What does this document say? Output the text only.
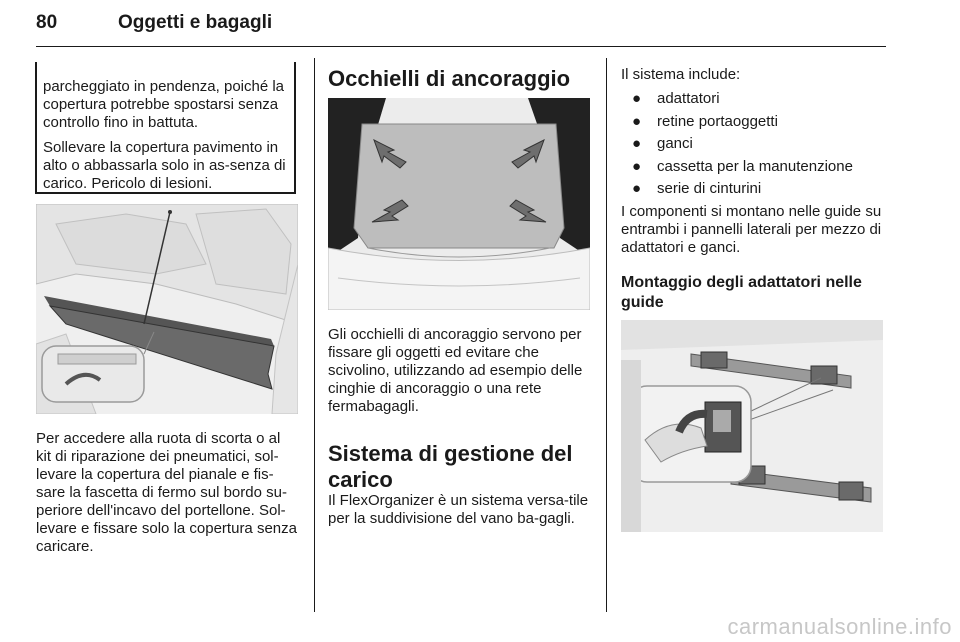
80	Oggetti e bagagli

parcheggiato in pendenza, poiché la copertura potrebbe spostarsi senza controllo fino in battuta.

Sollevare la copertura pavimento in alto o abbassarla solo in as-senza di carico. Pericolo di lesioni.

Per accedere alla ruota di scorta o al kit di riparazione dei pneumatici, sol-levare la copertura del pianale e fis-sare la fascetta di fermo sul bordo su-periore dell'incavo del portellone. Sol-levare e fissare solo la copertura senza caricare.

Occhielli di ancoraggio

Gli occhielli di ancoraggio servono per fissare gli oggetti ed evitare che scivolino, utilizzando ad esempio delle cinghie di ancoraggio o una rete fermabagagli.

Sistema di gestione del carico

Il FlexOrganizer è un sistema versa-tile per la suddivisione del vano ba-gagli.

Il sistema include:

● adattatori
● retine portaoggetti
● ganci
● cassetta per la manutenzione
● serie di cinturini

I componenti si montano nelle guide su entrambi i pannelli laterali per mezzo di adattatori e ganci.

Montaggio degli adattatori nelle guide
carmanualsonline.info
